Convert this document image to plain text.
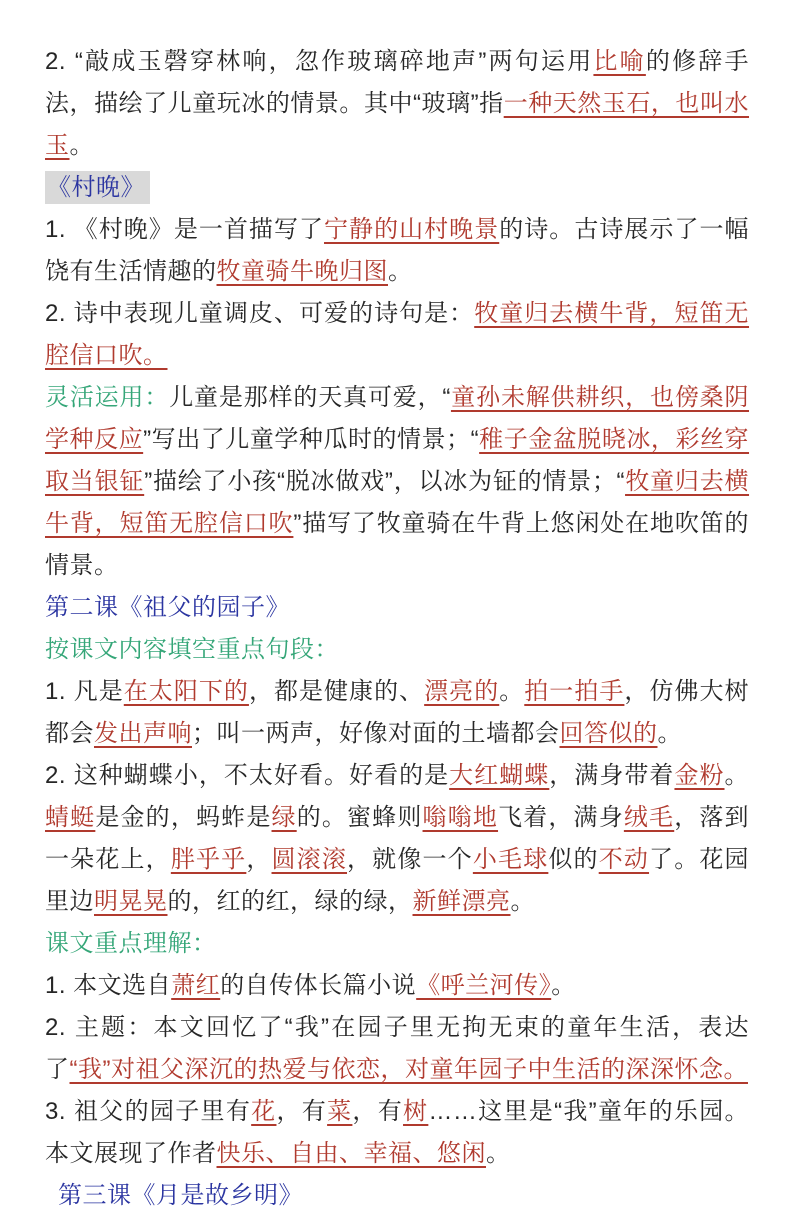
2. “敲成玉磬穿林响，忽作玻璃碎地声”两句运用比喻的修辞手法，描绘了儿童玩冰的情景。其中“玻璃”指一种天然玉石，也叫水玉。

《村晚》

1. 《村晚》是一首描写了宁静的山村晚景的诗。古诗展示了一幅饶有生活情趣的牧童骑牛晚归图。

2. 诗中表现儿童调皮、可爱的诗句是：牧童归去横牛背，短笛无腔信口吹。

灵活运用：儿童是那样的天真可爱，“童孙未解供耕织，也傍桑阴学种反应”写出了儿童学种瓜时的情景；“稚子金盆脱晓冰，彩丝穿取当银钲”描绘了小孩“脱冰做戏”，以冰为钲的情景；“牧童归去横牛背，短笛无腔信口吹”描写了牧童骑在牛背上悠闲处在地吹笛的情景。

第二课《祖父的园子》

按课文内容填空重点句段：

1. 凡是在太阳下的，都是健康的、漂亮的。拍一拍手，仿佛大树都会发出声响；叫一两声，好像对面的土墙都会回答似的。

2. 这种蝴蝶小，不太好看。好看的是大红蝴蝶，满身带着金粉。蜻蜓是金的，蚂蚱是绿的。蜜蜂则嗡嗡地飞着，满身绒毛，落到一朵花上，胖乎乎，圆滚滚，就像一个小毛球似的不动了。花园里边明晃晃的，红的红，绿的绿，新鲜漂亮。

课文重点理解：

1. 本文选自萧红的自传体长篇小说《呼兰河传》。

2. 主题：本文回忆了“我”在园子里无拘无束的童年生活，表达了“我”对祖父深沉的热爱与依恋，对童年园子中生活的深深怀念。

3. 祖父的园子里有花，有菜，有树……这里是“我”童年的乐园。本文展现了作者快乐、自由、幸福、悠闲。

第三课《月是故乡明》
